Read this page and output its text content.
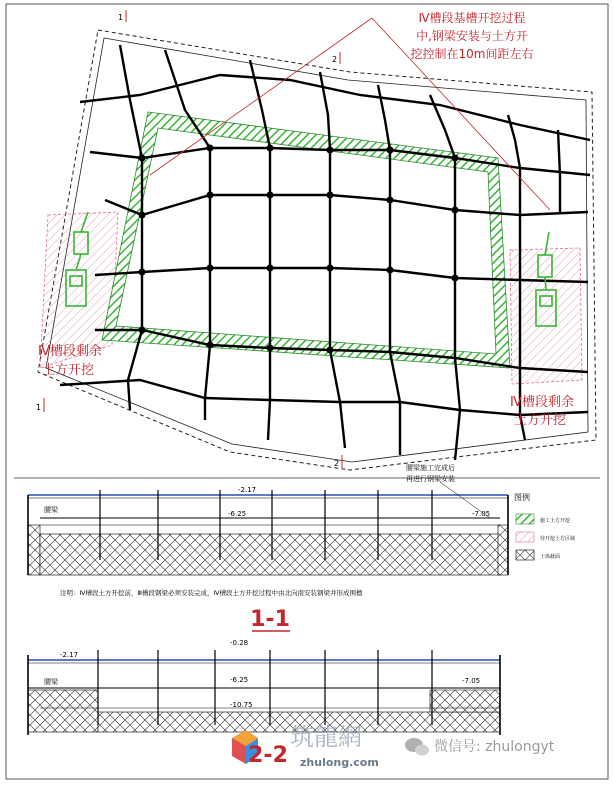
Ⅳ槽段基槽开挖过程
中,钢梁安装与土方开
挖控制在10m间距左右
Ⅳ槽段剩余
土方开挖
Ⅳ槽段剩余
土方开挖
1
1
2
2
-2.17
-6.25	-7.05
腰梁
腰梁施工完成后
再进行钢梁安装
注明：Ⅳ槽段土方开挖前，Ⅲ槽段钢梁必须安装完成，Ⅳ槽段土方开挖过程中由北向南安装钢梁并形成围檩
1-1
图例
施工土方开挖
待开挖土方区域
土体截面
-2.17
-0.28
-6.25
-10.75
-7.05
腰梁
2-2
筑龍網
zhulong.com
微信号: zhulongyt
